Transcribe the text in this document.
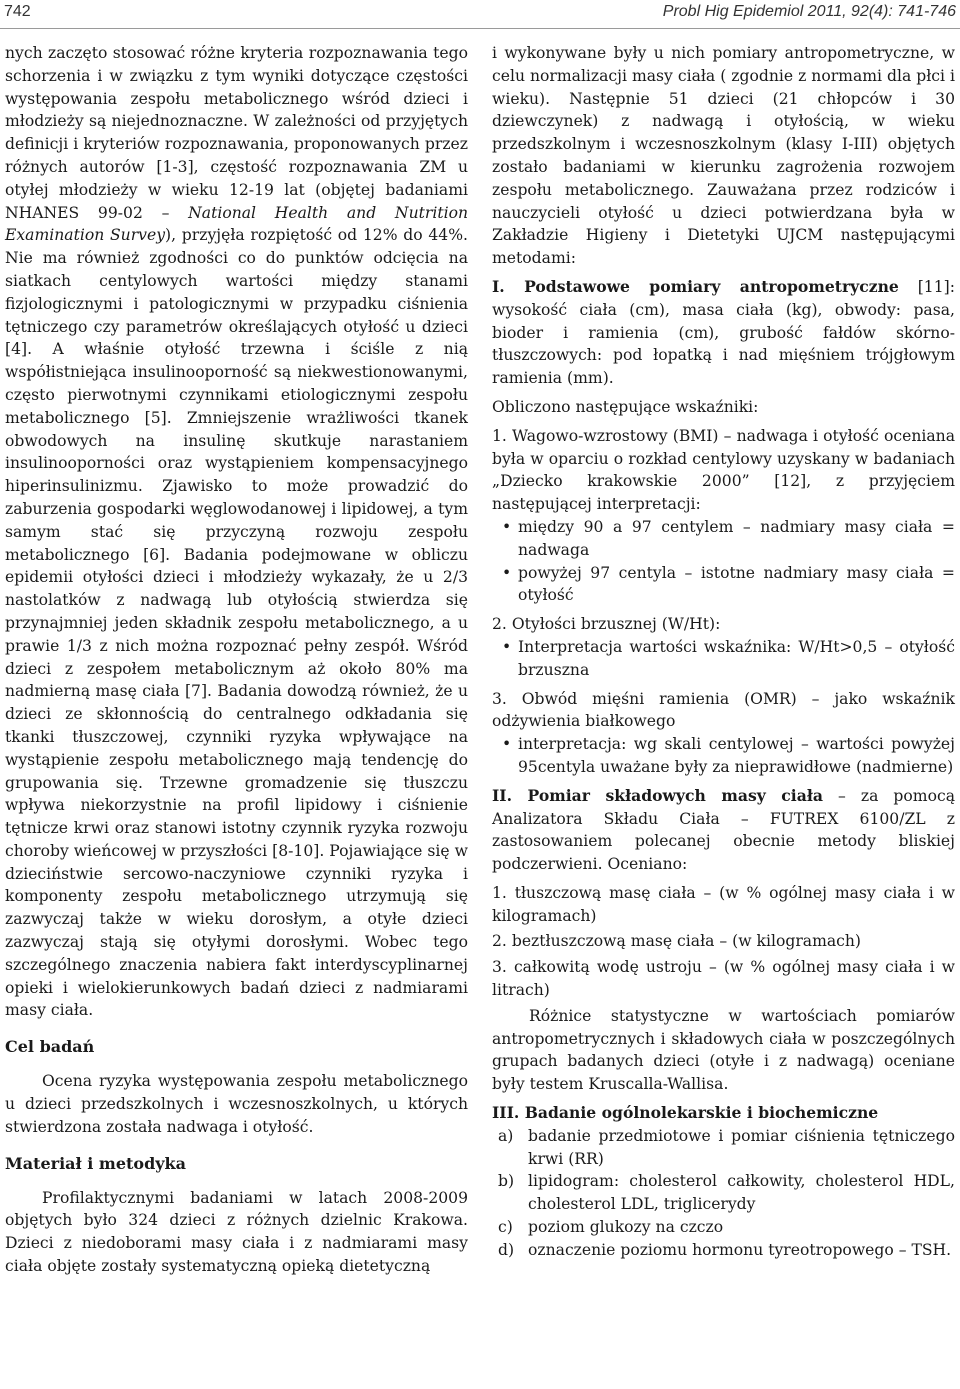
742	Probl Hig Epidemiol 2011, 92(4): 741-746

nych zaczęto stosować różne kryteria rozpoznawania tego schorzenia i w związku z tym wyniki dotyczące częstości występowania zespołu metabolicznego wśród dzieci i młodzieży są niejednoznaczne. W zależności od przyjętych definicji i kryteriów rozpoznawania, proponowanych przez różnych autorów [1-3], częstość rozpoznawania ZM u otyłej młodzieży w wieku 12-19 lat (objętej badaniami NHANES 99-02 – National Health and Nutrition Examination Survey), przyjęła rozpiętość od 12% do 44%. Nie ma również zgodności co do punktów odcięcia na siatkach centylowych wartości między stanami fizjologicznymi i patologicznymi w przypadku ciśnienia tętniczego czy parametrów określających otyłość u dzieci [4]. A właśnie otyłość trzewna i ściśle z nią współistniejąca insulinooporność są niekwestionowanymi, często pierwotnymi czynnikami etiologicznymi zespołu metabolicznego [5]. Zmniejszenie wrażliwości tkanek obwodowych na insulinę skutkuje narastaniem insulinooporności oraz wystąpieniem kompensacyjnego hiperinsulinizmu. Zjawisko to może prowadzić do zaburzenia gospodarki węglowodanowej i lipidowej, a tym samym stać się przyczyną rozwoju zespołu metabolicznego [6]. Badania podejmowane w obliczu epidemii otyłości dzieci i młodzieży wykazały, że u 2/3 nastolatków z nadwagą lub otyłością stwierdza się przynajmniej jeden składnik zespołu metabolicznego, a u prawie 1/3 z nich można rozpoznać pełny zespół. Wśród dzieci z zespołem metabolicznym aż około 80% ma nadmierną masę ciała [7]. Badania dowodzą również, że u dzieci ze skłonnością do centralnego odkładania się tkanki tłuszczowej, czynniki ryzyka wpływające na wystąpienie zespołu metabolicznego mają tendencję do grupowania się. Trzewne gromadzenie się tłuszczu wpływa niekorzystnie na profil lipidowy i ciśnienie tętnicze krwi oraz stanowi istotny czynnik ryzyka rozwoju choroby wieńcowej w przyszłości [8-10]. Pojawiające się w dzieciństwie sercowo-naczyniowe czynniki ryzyka i komponenty zespołu metabolicznego utrzymują się zazwyczaj także w wieku dorosłym, a otyłe dzieci zazwyczaj stają się otyłymi dorosłymi. Wobec tego szczególnego znaczenia nabiera fakt interdyscyplinarnej opieki i wielokierunkowych badań dzieci z nadmiarami masy ciała.

Cel badań

Ocena ryzyka występowania zespołu metabolicznego u dzieci przedszkolnych i wczesnoszkolnych, u których stwierdzona została nadwaga i otyłość.

Materiał i metodyka

Profilaktycznymi badaniami w latach 2008-2009 objętych było 324 dzieci z różnych dzielnic Krakowa. Dzieci z niedoborami masy ciała i z nadmiarami masy ciała objęte zostały systematyczną opieką dietetyczną

i wykonywane były u nich pomiary antropometryczne, w celu normalizacji masy ciała ( zgodnie z normami dla płci i wieku). Następnie 51 dzieci (21 chłopców i 30 dziewczynek) z nadwagą i otyłością, w wieku przedszkolnym i wczesnoszkolnym (klasy I-III) objętych zostało badaniami w kierunku zagrożenia rozwojem zespołu metabolicznego. Zauważana przez rodziców i nauczycieli otyłość u dzieci potwierdzana była w Zakładzie Higieny i Dietetyki UJCM następującymi metodami:

I. Podstawowe pomiary antropometryczne [11]: wysokość ciała (cm), masa ciała (kg), obwody: pasa, bioder i ramienia (cm), grubość fałdów skórno-tłuszczowych: pod łopatką i nad mięśniem trójgłowym ramienia (mm).

Obliczono następujące wskaźniki:

1. Wagowo-wzrostowy (BMI) – nadwaga i otyłość oceniana była w oparciu o rozkład centylowy uzyskany w badaniach „Dziecko krakowskie 2000” [12], z przyjęciem następującej interpretacji:

• między 90 a 97 centylem – nadmiary masy ciała = nadwaga
• powyżej 97 centyla – istotne nadmiary masy ciała = otyłość

2. Otyłości brzusznej (W/Ht):

• Interpretacja wartości wskaźnika: W/Ht>0,5 – otyłość brzuszna

3. Obwód mięśni ramienia (OMR) – jako wskaźnik odżywienia białkowego

• interpretacja: wg skali centylowej – wartości powyżej 95centyla uważane były za nieprawidłowe (nadmierne)

II. Pomiar składowych masy ciała – za pomocą Analizatora Składu Ciała – FUTREX 6100/ZL z zastosowaniem polecanej obecnie metody bliskiej podczerwieni. Oceniano:

1. tłuszczową masę ciała – (w % ogólnej masy ciała i w kilogramach)

2. beztłuszczową masę ciała – (w kilogramach)

3. całkowitą wodę ustroju – (w % ogólnej masy ciała i w litrach)

Różnice statystyczne w wartościach pomiarów antropometrycznych i składowych ciała w poszczególnych grupach badanych dzieci (otyłe i z nadwagą) oceniane były testem Kruscalla-Wallisa.

III. Badanie ogólnolekarskie i biochemiczne

a) badanie przedmiotowe i pomiar ciśnienia tętniczego krwi (RR)
b) lipidogram: cholesterol całkowity, cholesterol HDL, cholesterol LDL, triglicerydy
c) poziom glukozy na czczo
d) oznaczenie poziomu hormonu tyreotropowego – TSH.
